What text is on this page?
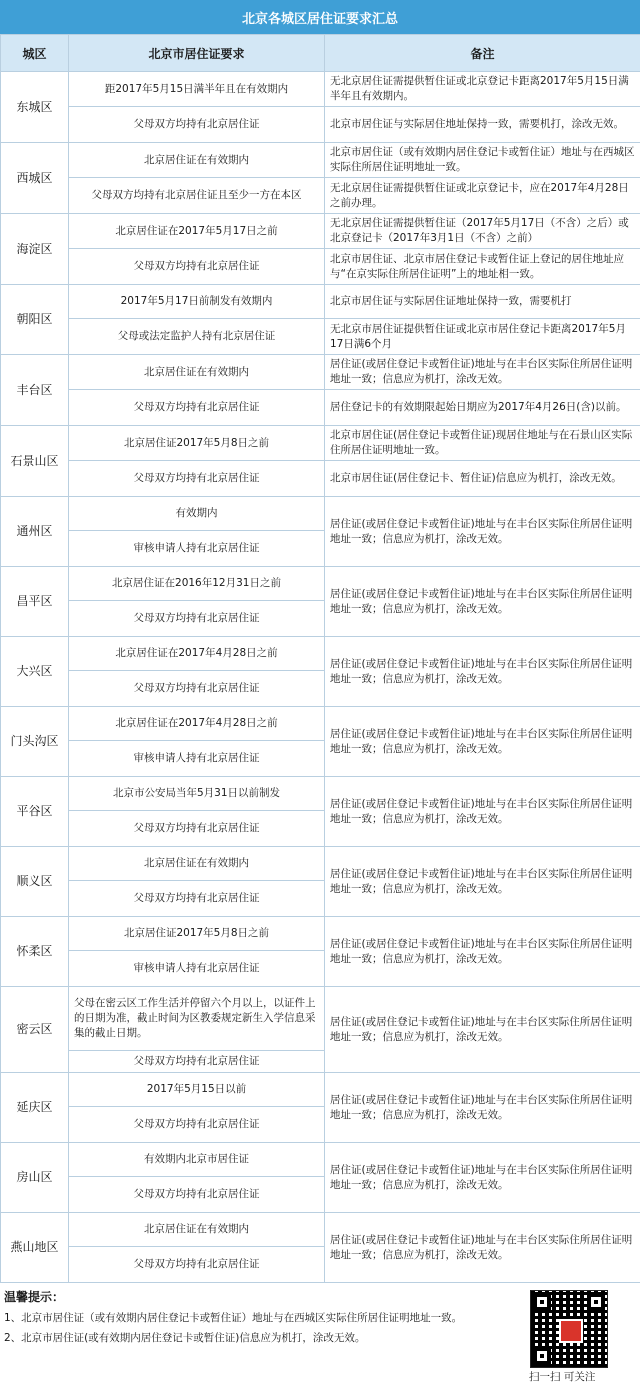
北京各城区居住证要求汇总
城区	北京市居住证要求	备注
东城区	距2017年5月15日满半年且在有效期内	无北京居住证需提供暂住证或北京登记卡距离2017年5月15日满半年且有效期内。
	父母双方均持有北京居住证	北京市居住证与实际居住地址保持一致，需要机打，涂改无效。
西城区	北京居住证在有效期内	北京市居住证（或有效期内居住登记卡或暂住证）地址与在西城区实际住所居住证明地址一致。
	父母双方均持有北京居住证且至少一方在本区	无北京居住证需提供暂住证或北京登记卡，应在2017年4月28日之前办理。
海淀区	北京居住证在2017年5月17日之前	无北京居住证需提供暂住证（2017年5月17日（不含）之后）或北京登记卡（2017年3月1日（不含）之前）
	父母双方均持有北京居住证	北京市居住证、北京市居住登记卡或暂住证上登记的居住地址应与“在京实际住所居住证明”上的地址相一致。
朝阳区	2017年5月17日前制发有效期内	北京市居住证与实际居住证地址保持一致，需要机打
	父母或法定监护人持有北京居住证	无北京市居住证提供暂住证或北京市居住登记卡距离2017年5月17日满6个月
丰台区	北京居住证在有效期内	居住证(或居住登记卡或暂住证)地址与在丰台区实际住所居住证明地址一致；信息应为机打，涂改无效。
	父母双方均持有北京居住证	居住登记卡的有效期限起始日期应为2017年4月26日(含)以前。
石景山区	北京居住证2017年5月8日之前	北京市居住证(居住登记卡或暂住证)现居住地址与在石景山区实际住所居住证明地址一致。
	父母双方均持有北京居住证	北京市居住证(居住登记卡、暂住证)信息应为机打，涂改无效。
通州区	有效期内	居住证(或居住登记卡或暂住证)地址与在丰台区实际住所居住证明地址一致；信息应为机打，涂改无效。
	审核申请人持有北京居住证	
昌平区	北京居住证在2016年12月31日之前	居住证(或居住登记卡或暂住证)地址与在丰台区实际住所居住证明地址一致；信息应为机打，涂改无效。
	父母双方均持有北京居住证	
大兴区	北京居住证在2017年4月28日之前	居住证(或居住登记卡或暂住证)地址与在丰台区实际住所居住证明地址一致；信息应为机打，涂改无效。
	父母双方均持有北京居住证	
门头沟区	北京居住证在2017年4月28日之前	居住证(或居住登记卡或暂住证)地址与在丰台区实际住所居住证明地址一致；信息应为机打，涂改无效。
	审核申请人持有北京居住证	
平谷区	北京市公安局当年5月31日以前制发	居住证(或居住登记卡或暂住证)地址与在丰台区实际住所居住证明地址一致；信息应为机打，涂改无效。
	父母双方均持有北京居住证	
顺义区	北京居住证在有效期内	居住证(或居住登记卡或暂住证)地址与在丰台区实际住所居住证明地址一致；信息应为机打，涂改无效。
	父母双方均持有北京居住证	
怀柔区	北京居住证2017年5月8日之前	居住证(或居住登记卡或暂住证)地址与在丰台区实际住所居住证明地址一致；信息应为机打，涂改无效。
	审核申请人持有北京居住证	
密云区	父母在密云区工作生活并停留六个月以上，以证件上的日期为准，截止时间为区教委规定新生入学信息采集的截止日期。	居住证(或居住登记卡或暂住证)地址与在丰台区实际住所居住证明地址一致；信息应为机打，涂改无效。
	父母双方均持有北京居住证	
延庆区	2017年5月15日以前	居住证(或居住登记卡或暂住证)地址与在丰台区实际住所居住证明地址一致；信息应为机打，涂改无效。
	父母双方均持有北京居住证	
房山区	有效期内北京市居住证	居住证(或居住登记卡或暂住证)地址与在丰台区实际住所居住证明地址一致；信息应为机打，涂改无效。
	父母双方均持有北京居住证	
燕山地区	北京居住证在有效期内	居住证(或居住登记卡或暂住证)地址与在丰台区实际住所居住证明地址一致；信息应为机打，涂改无效。
	父母双方均持有北京居住证	
温馨提示：
1、北京市居住证（或有效期内居住登记卡或暂住证）地址与在西城区实际住所居住证明地址一致。
2、北京市居住证(或有效期内居住登记卡或暂住证)信息应为机打，涂改无效。
扫一扫 可关注
